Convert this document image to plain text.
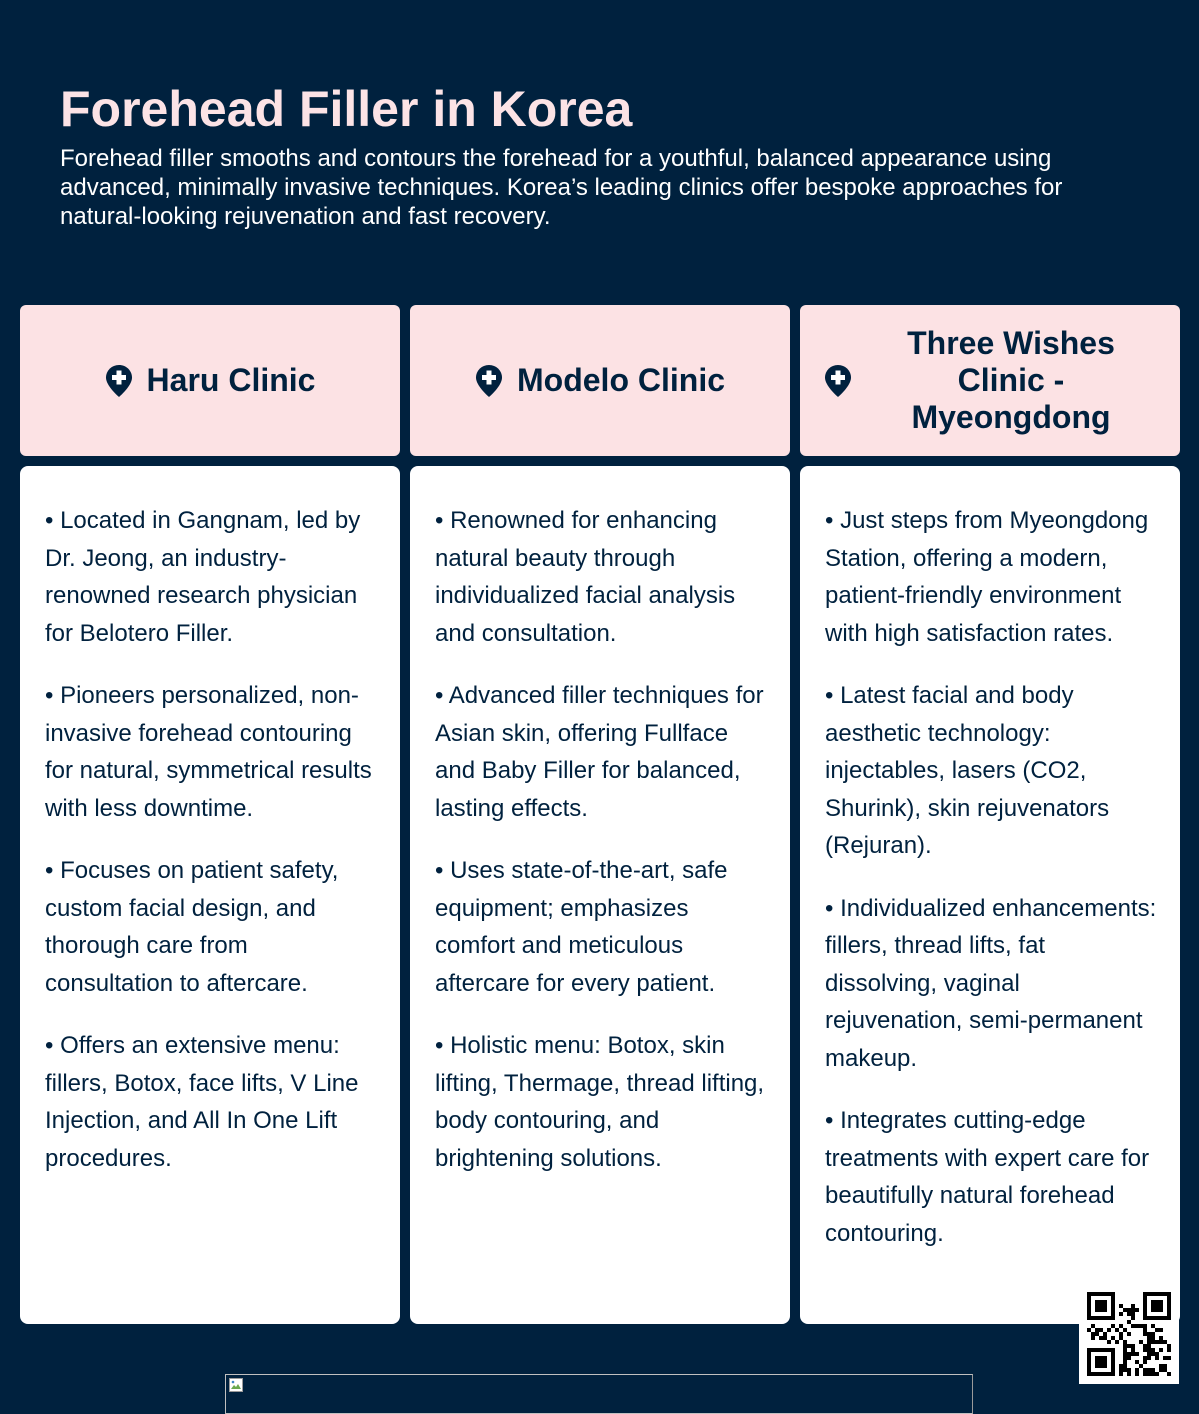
Forehead Filler in Korea

Forehead filler smooths and contours the forehead for a youthful, balanced appearance using advanced, minimally invasive techniques. Korea’s leading clinics offer bespoke approaches for natural-looking rejuvenation and fast recovery.

Haru Clinic

• Located in Gangnam, led by Dr. Jeong, an industry-renowned research physician for Belotero Filler.

• Pioneers personalized, non-invasive forehead contouring for natural, symmetrical results with less downtime.

• Focuses on patient safety, custom facial design, and thorough care from consultation to aftercare.

• Offers an extensive menu: fillers, Botox, face lifts, V Line Injection, and All In One Lift procedures.

Modelo Clinic

• Renowned for enhancing natural beauty through individualized facial analysis and consultation.

• Advanced filler techniques for Asian skin, offering Fullface and Baby Filler for balanced, lasting effects.

• Uses state-of-the-art, safe equipment; emphasizes comfort and meticulous aftercare for every patient.

• Holistic menu: Botox, skin lifting, Thermage, thread lifting, body contouring, and brightening solutions.

Three Wishes Clinic - Myeongdong

• Just steps from Myeongdong Station, offering a modern, patient-friendly environment with high satisfaction rates.

• Latest facial and body aesthetic technology: injectables, lasers (CO2, Shurink), skin rejuvenators (Rejuran).

• Individualized enhancements: fillers, thread lifts, fat dissolving, vaginal rejuvenation, semi-permanent makeup.

• Integrates cutting-edge treatments with expert care for beautifully natural forehead contouring.
